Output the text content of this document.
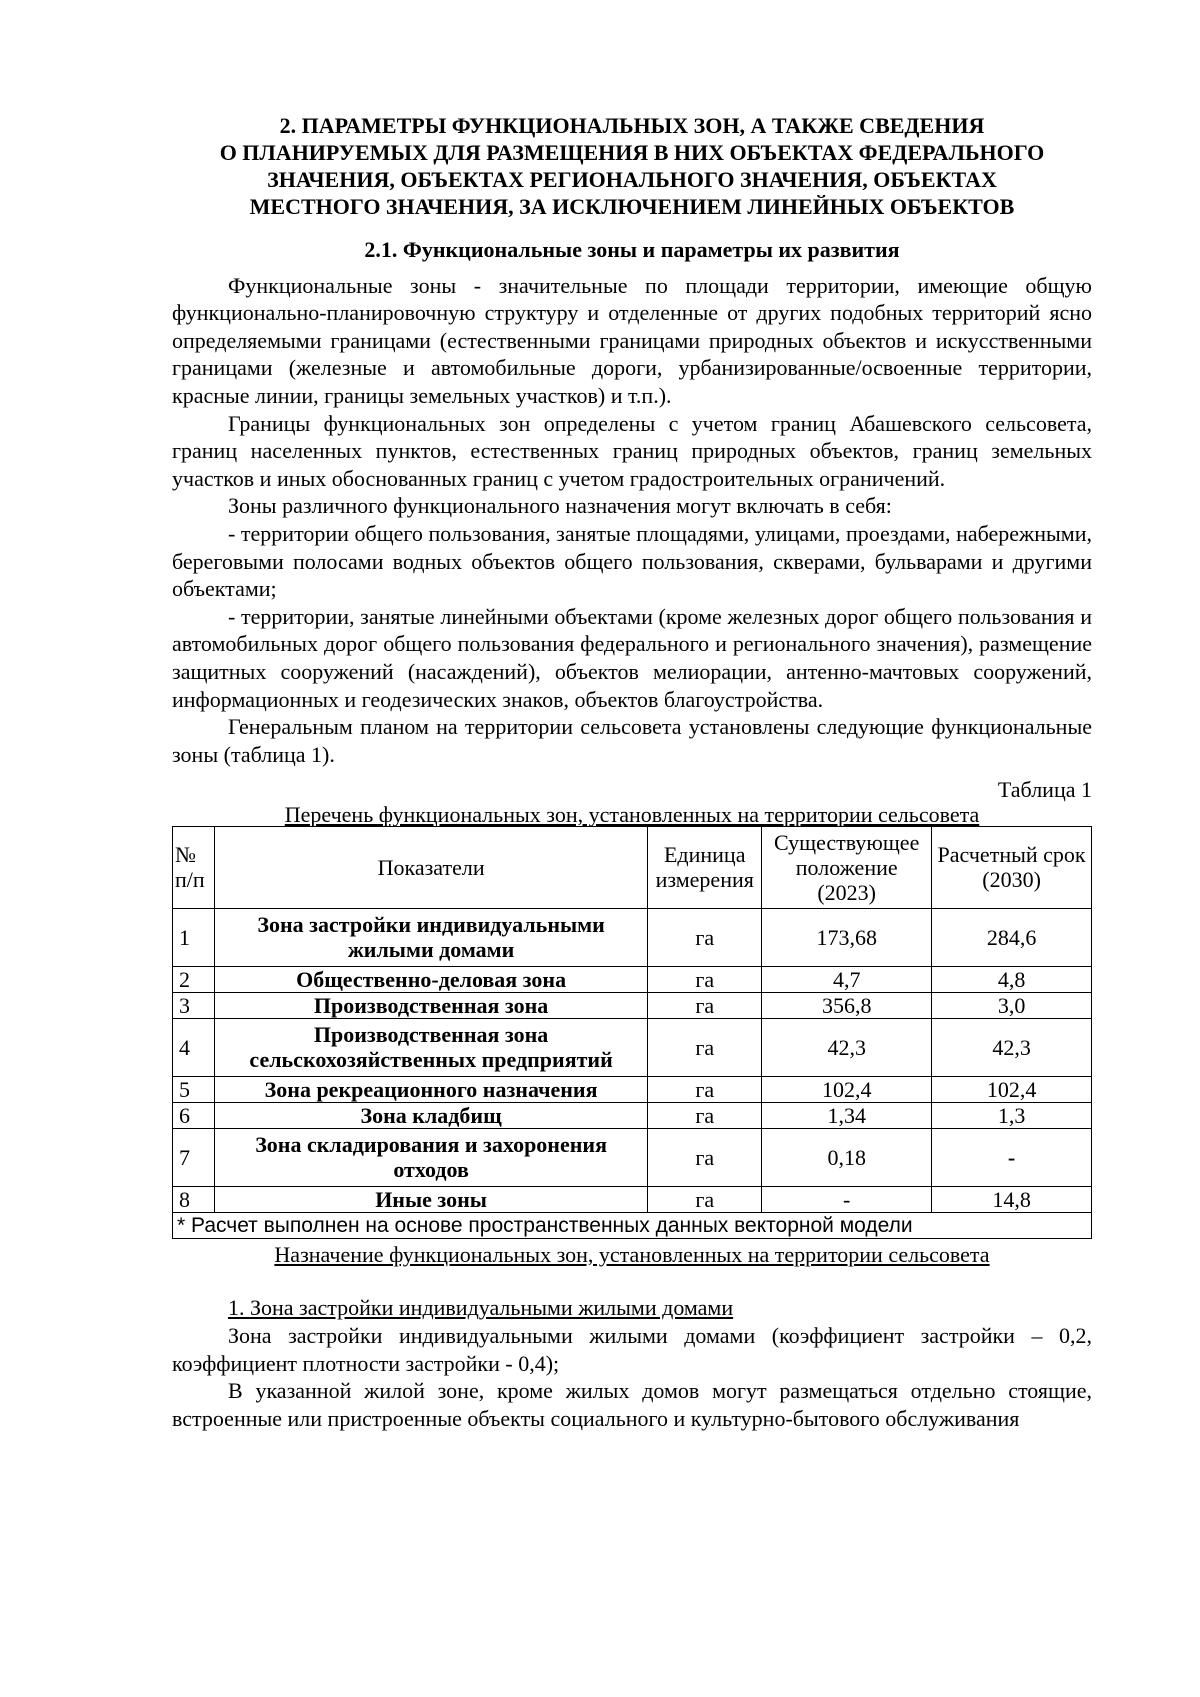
2. ПАРАМЕТРЫ ФУНКЦИОНАЛЬНЫХ ЗОН, А ТАКЖЕ СВЕДЕНИЯ
О ПЛАНИРУЕМЫХ ДЛЯ РАЗМЕЩЕНИЯ В НИХ ОБЪЕКТАХ ФЕДЕРАЛЬНОГО
ЗНАЧЕНИЯ, ОБЪЕКТАХ РЕГИОНАЛЬНОГО ЗНАЧЕНИЯ, ОБЪЕКТАХ
МЕСТНОГО ЗНАЧЕНИЯ, ЗА ИСКЛЮЧЕНИЕМ ЛИНЕЙНЫХ ОБЪЕКТОВ
2.1. Функциональные зоны и параметры их развития

Функциональные зоны - значительные по площади территории, имеющие общую функционально-планировочную структуру и отделенные от других подобных территорий ясно определяемыми границами (естественными границами природных объектов и искусственными границами (железные и автомобильные дороги, урбанизированные/освоенные территории, красные линии, границы земельных участков) и т.п.).

Границы функциональных зон определены с учетом границ Абашевского сельсовета, границ населенных пунктов, естественных границ природных объектов, границ земельных участков и иных обоснованных границ с учетом градостроительных ограничений.

Зоны различного функционального назначения могут включать в себя:

- территории общего пользования, занятые площадями, улицами, проездами, набережными, береговыми полосами водных объектов общего пользования, скверами, бульварами и другими объектами;

- территории, занятые линейными объектами (кроме железных дорог общего пользования и автомобильных дорог общего пользования федерального и регионального значения), размещение защитных сооружений (насаждений), объектов мелиорации, антенно-мачтовых сооружений, информационных и геодезических знаков, объектов благоустройства.

Генеральным планом на территории сельсовета установлены следующие функциональные зоны (таблица 1).

Таблица 1
Перечень функциональных зон, установленных на территории сельсовета
№ п/п	Показатели	Единица измерения	Существующее положение (2023)	Расчетный срок (2030)
1	Зона застройки индивидуальными жилыми домами	га	173,68	284,6
2	Общественно-деловая зона	га	4,7	4,8
3	Производственная зона	га	356,8	3,0
4	Производственная зона сельскохозяйственных предприятий	га	42,3	42,3
5	Зона рекреационного назначения	га	102,4	102,4
6	Зона кладбищ	га	1,34	1,3
7	Зона складирования и захоронения отходов	га	0,18	-
8	Иные зоны	га	-	14,8
* Расчет выполнен на основе пространственных данных векторной модели				
Назначение функциональных зон, установленных на территории сельсовета

1. Зона застройки индивидуальными жилыми домами

Зона застройки индивидуальными жилыми домами (коэффициент застройки – 0,2, коэффициент плотности застройки - 0,4);

В указанной жилой зоне, кроме жилых домов могут размещаться отдельно стоящие, встроенные или пристроенные объекты социального и культурно-бытового обслуживания
